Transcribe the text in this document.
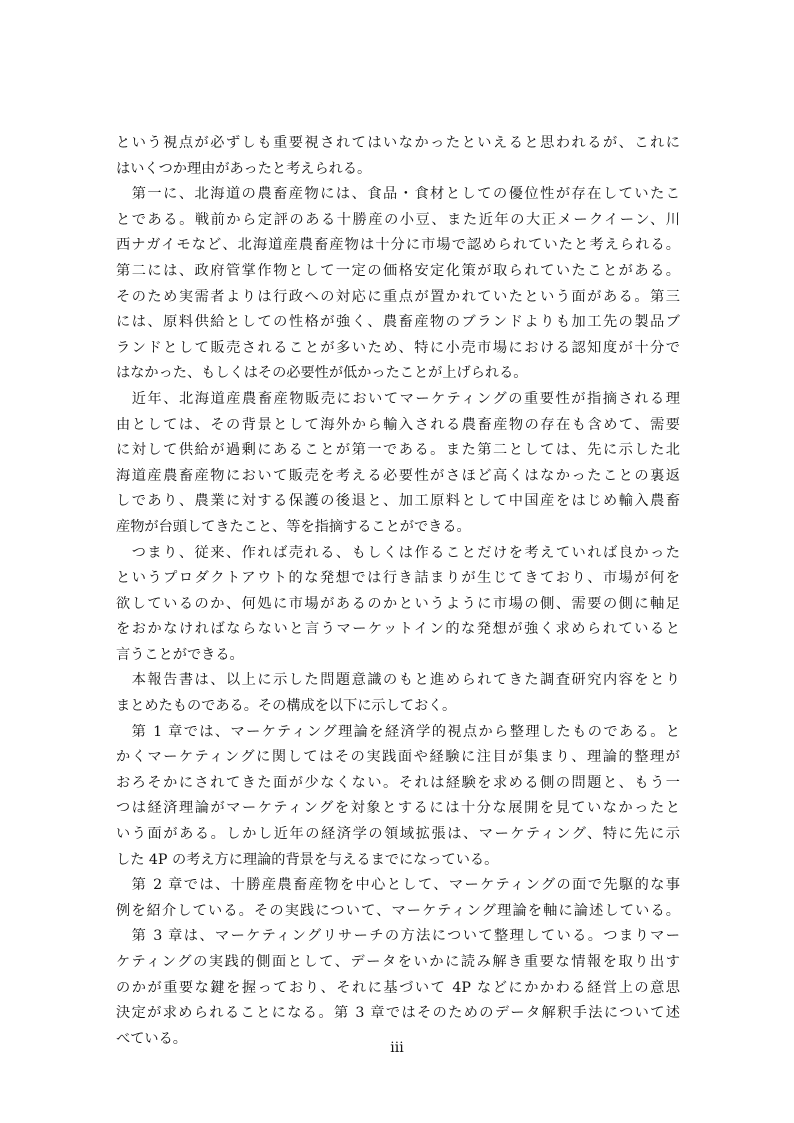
という視点が必ずしも重要視されてはいなかったといえると思われるが、これに
はいくつか理由があったと考えられる。
　第一に、北海道の農畜産物には、食品・食材としての優位性が存在していたこ
とである。戦前から定評のある十勝産の小豆、また近年の大正メークイーン、川
西ナガイモなど、北海道産農畜産物は十分に市場で認められていたと考えられる。
第二には、政府管掌作物として一定の価格安定化策が取られていたことがある。
そのため実需者よりは行政への対応に重点が置かれていたという面がある。第三
には、原料供給としての性格が強く、農畜産物のブランドよりも加工先の製品ブ
ランドとして販売されることが多いため、特に小売市場における認知度が十分で
はなかった、もしくはその必要性が低かったことが上げられる。
　近年、北海道産農畜産物販売においてマーケティングの重要性が指摘される理
由としては、その背景として海外から輸入される農畜産物の存在も含めて、需要
に対して供給が過剰にあることが第一である。また第二としては、先に示した北
海道産農畜産物において販売を考える必要性がさほど高くはなかったことの裏返
しであり、農業に対する保護の後退と、加工原料として中国産をはじめ輸入農畜
産物が台頭してきたこと、等を指摘することができる。
　つまり、従来、作れば売れる、もしくは作ることだけを考えていれば良かった
というプロダクトアウト的な発想では行き詰まりが生じてきており、市場が何を
欲しているのか、何処に市場があるのかというように市場の側、需要の側に軸足
をおかなければならないと言うマーケットイン的な発想が強く求められていると
言うことができる。
　本報告書は、以上に示した問題意識のもと進められてきた調査研究内容をとり
まとめたものである。その構成を以下に示しておく。
　第 1 章では、マーケティング理論を経済学的視点から整理したものである。と
かくマーケティングに関してはその実践面や経験に注目が集まり、理論的整理が
おろそかにされてきた面が少なくない。それは経験を求める側の問題と、もう一
つは経済理論がマーケティングを対象とするには十分な展開を見ていなかったと
いう面がある。しかし近年の経済学の領域拡張は、マーケティング、特に先に示
した 4P の考え方に理論的背景を与えるまでになっている。
　第 2 章では、十勝産農畜産物を中心として、マーケティングの面で先駆的な事
例を紹介している。その実践について、マーケティング理論を軸に論述している。
　第 3 章は、マーケティングリサーチの方法について整理している。つまりマー
ケティングの実践的側面として、データをいかに読み解き重要な情報を取り出す
のかが重要な鍵を握っており、それに基づいて 4P などにかかわる経営上の意思
決定が求められることになる。第 3 章ではそのためのデータ解釈手法について述
べている。
iii
